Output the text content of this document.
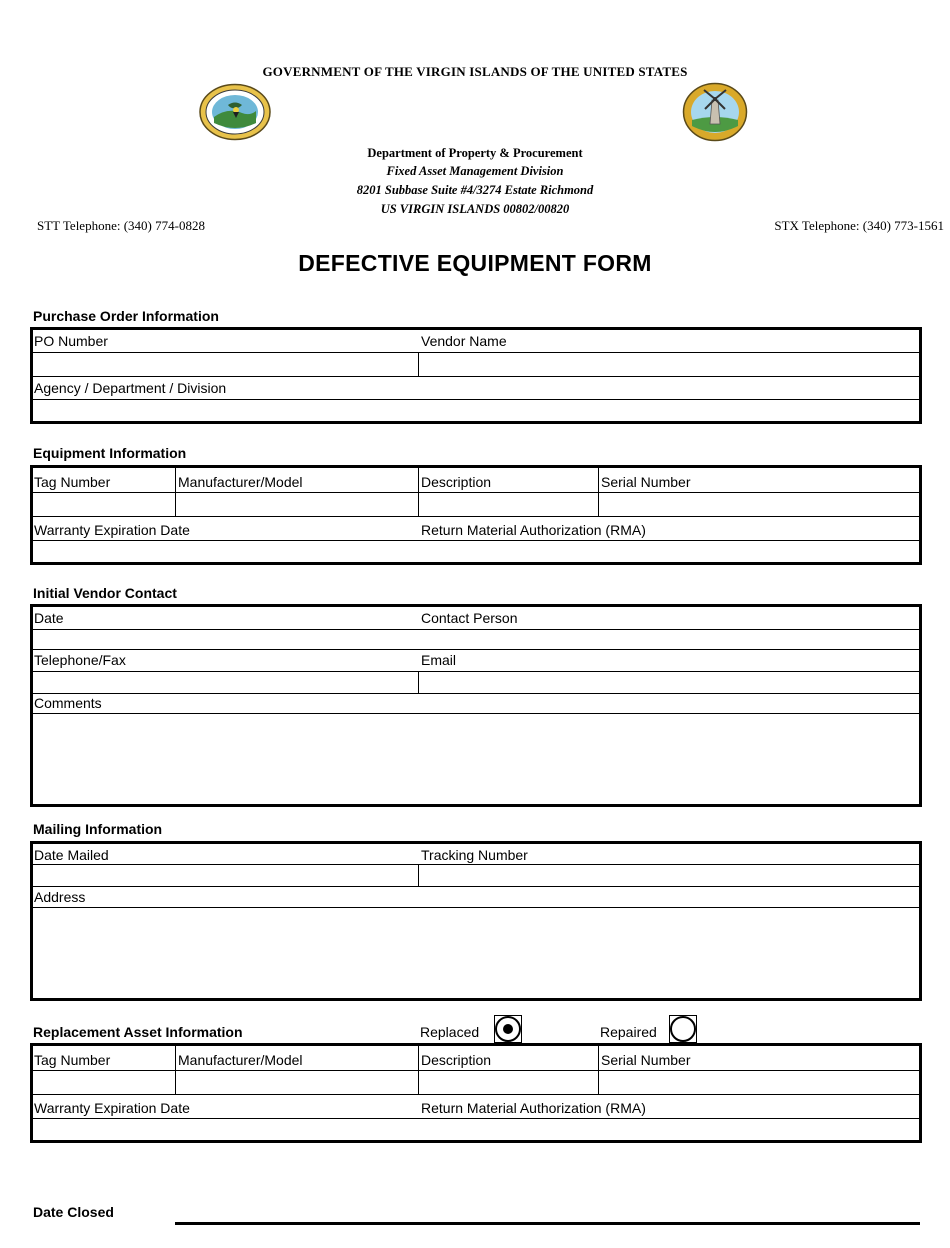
GOVERNMENT OF THE VIRGIN ISLANDS OF THE UNITED STATES
Department of Property & Procurement
Fixed Asset Management Division
8201 Subbase Suite #4/3274 Estate Richmond
US VIRGIN ISLANDS 00802/00820
STT Telephone: (340) 774-0828	STX Telephone: (340) 773-1561
DEFECTIVE EQUIPMENT FORM
Purchase Order Information
PO Number	Vendor Name
Agency / Department / Division
Equipment Information
Tag Number	Manufacturer/Model	Description	Serial Number
Warranty Expiration Date	Return Material Authorization (RMA)
Initial Vendor Contact
Date	Contact Person
Telephone/Fax	Email
Comments
Mailing Information
Date Mailed	Tracking Number
Address
Replacement Asset Information	Replaced	Repaired
Tag Number	Manufacturer/Model	Description	Serial Number
Warranty Expiration Date	Return Material Authorization (RMA)
Date Closed
